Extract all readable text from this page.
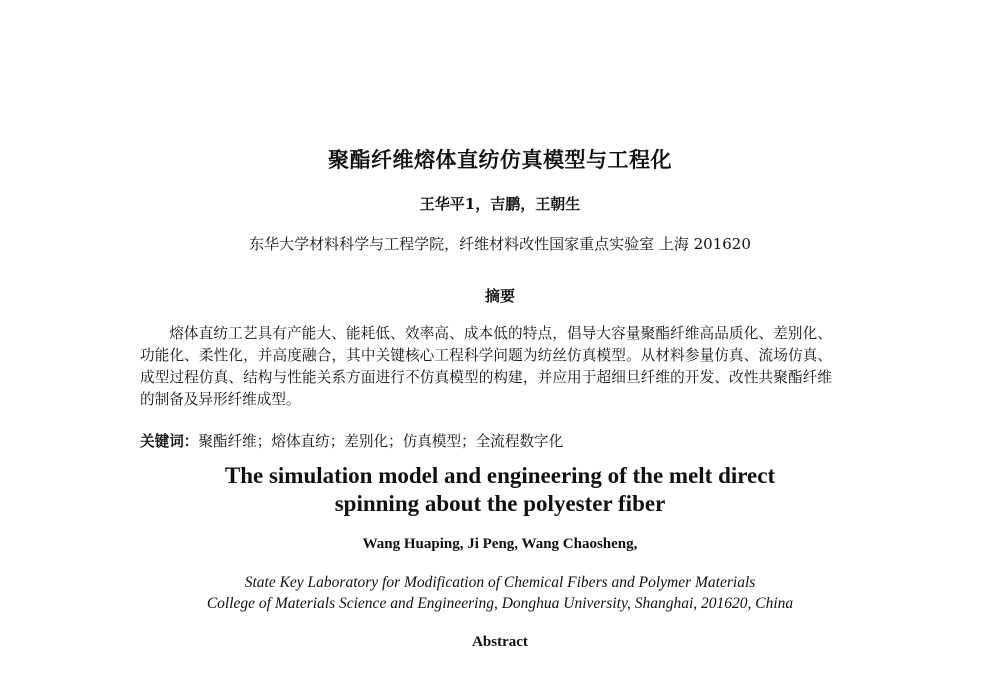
聚酯纤维熔体直纺仿真模型与工程化
王华平1，吉鹏，王朝生
东华大学材料科学与工程学院，纤维材料改性国家重点实验室 上海 201620
摘要
熔体直纺工艺具有产能大、能耗低、效率高、成本低的特点，倡导大容量聚酯纤维高品质化、差别化、功能化、柔性化，并高度融合，其中关键核心工程科学问题为纺丝仿真模型。从材料参量仿真、流场仿真、成型过程仿真、结构与性能关系方面进行不仿真模型的构建，并应用于超细旦纤维的开发、改性共聚酯纤维的制备及异形纤维成型。
关键词：聚酯纤维；熔体直纺；差别化；仿真模型；全流程数字化
The simulation model and engineering of the melt direct
spinning about the polyester fiber
Wang Huaping, Ji Peng, Wang Chaosheng,
State Key Laboratory for Modification of Chemical Fibers and Polymer Materials
College of Materials Science and Engineering, Donghua University, Shanghai, 201620, China
Abstract
